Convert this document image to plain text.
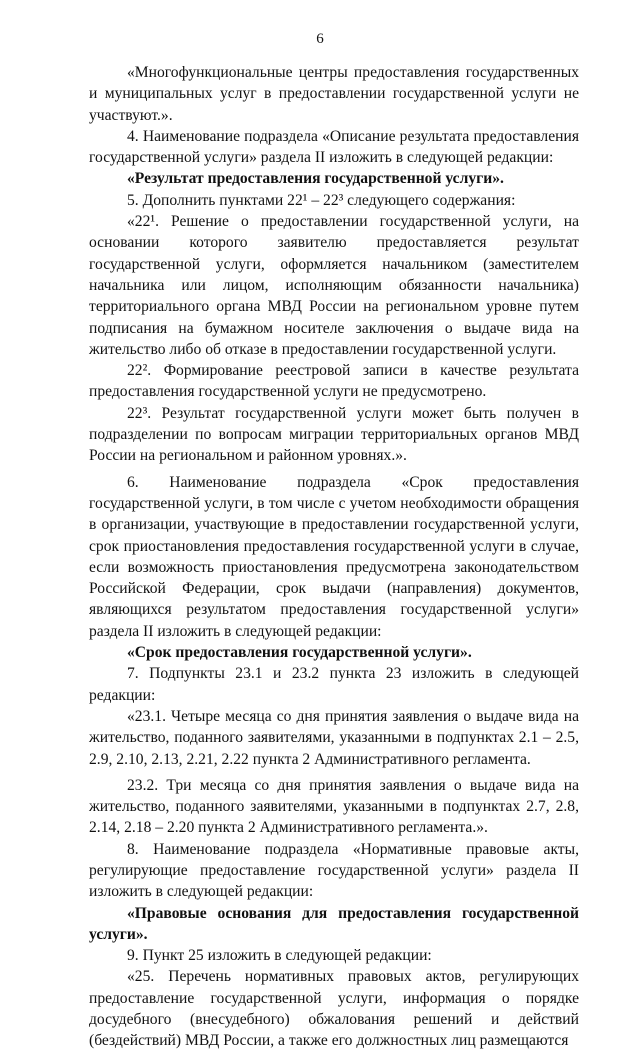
6

«Многофункциональные центры предоставления государственных и муниципальных услуг в предоставлении государственной услуги не участвуют.».

4. Наименование подраздела «Описание результата предоставления государственной услуги» раздела II изложить в следующей редакции:

«Результат предоставления государственной услуги».

5. Дополнить пунктами 22¹ – 22³ следующего содержания:

«22¹. Решение о предоставлении государственной услуги, на основании которого заявителю предоставляется результат государственной услуги, оформляется начальником (заместителем начальника или лицом, исполняющим обязанности начальника) территориального органа МВД России на региональном уровне путем подписания на бумажном носителе заключения о выдаче вида на жительство либо об отказе в предоставлении государственной услуги.

22². Формирование реестровой записи в качестве результата предоставления государственной услуги не предусмотрено.

22³. Результат государственной услуги может быть получен в подразделении по вопросам миграции территориальных органов МВД России на региональном и районном уровнях.».

6. Наименование подраздела «Срок предоставления государственной услуги, в том числе с учетом необходимости обращения в организации, участвующие в предоставлении государственной услуги, срок приостановления предоставления государственной услуги в случае, если возможность приостановления предусмотрена законодательством Российской Федерации, срок выдачи (направления) документов, являющихся результатом предоставления государственной услуги» раздела II изложить в следующей редакции:

«Срок предоставления государственной услуги».

7. Подпункты 23.1 и 23.2 пункта 23 изложить в следующей редакции:

«23.1. Четыре месяца со дня принятия заявления о выдаче вида на жительство, поданного заявителями, указанными в подпунктах 2.1 – 2.5, 2.9, 2.10, 2.13, 2.21, 2.22 пункта 2 Административного регламента.

23.2. Три месяца со дня принятия заявления о выдаче вида на жительство, поданного заявителями, указанными в подпунктах 2.7, 2.8, 2.14, 2.18 – 2.20 пункта 2 Административного регламента.».

8. Наименование подраздела «Нормативные правовые акты, регулирующие предоставление государственной услуги» раздела II изложить в следующей редакции:

«Правовые основания для предоставления государственной услуги».

9. Пункт 25 изложить в следующей редакции:

«25. Перечень нормативных правовых актов, регулирующих предоставление государственной услуги, информация о порядке досудебного (внесудебного) обжалования решений и действий (бездействий) МВД России, а также его должностных лиц размещаются
